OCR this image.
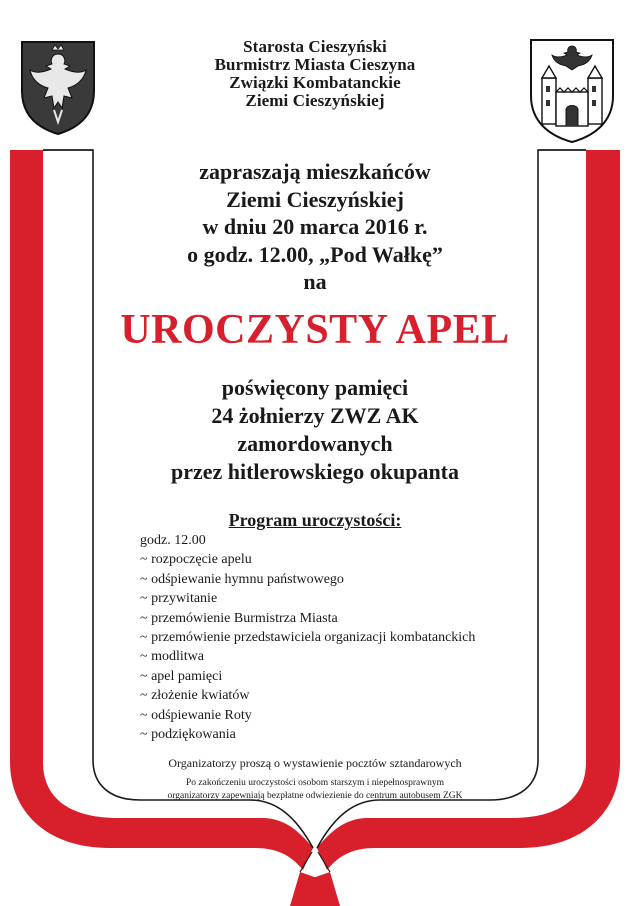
Starosta Cieszyński
Burmistrz Miasta Cieszyna
Związki Kombatanckie
Ziemi Cieszyńskiej
zapraszają mieszkańców
Ziemi Cieszyńskiej
w dniu 20 marca 2016 r.
o godz. 12.00, „Pod Wałkę”
na
UROCZYSTY APEL
poświęcony pamięci
24 żołnierzy ZWZ AK
zamordowanych
przez hitlerowskiego okupanta
Program uroczystości:
godz. 12.00
~ rozpoczęcie apelu
~ odśpiewanie hymnu państwowego
~ przywitanie
~ przemówienie Burmistrza Miasta
~ przemówienie przedstawiciela organizacji kombatanckich
~ modlitwa
~ apel pamięci
~ złożenie kwiatów
~ odśpiewanie Roty
~ podziękowania
Organizatorzy proszą o wystawienie pocztów sztandarowych
Po zakończeniu uroczystości osobom starszym i niepełnosprawnym
organizatorzy zapewniają bezpłatne odwiezienie do centrum autobusem ZGK
